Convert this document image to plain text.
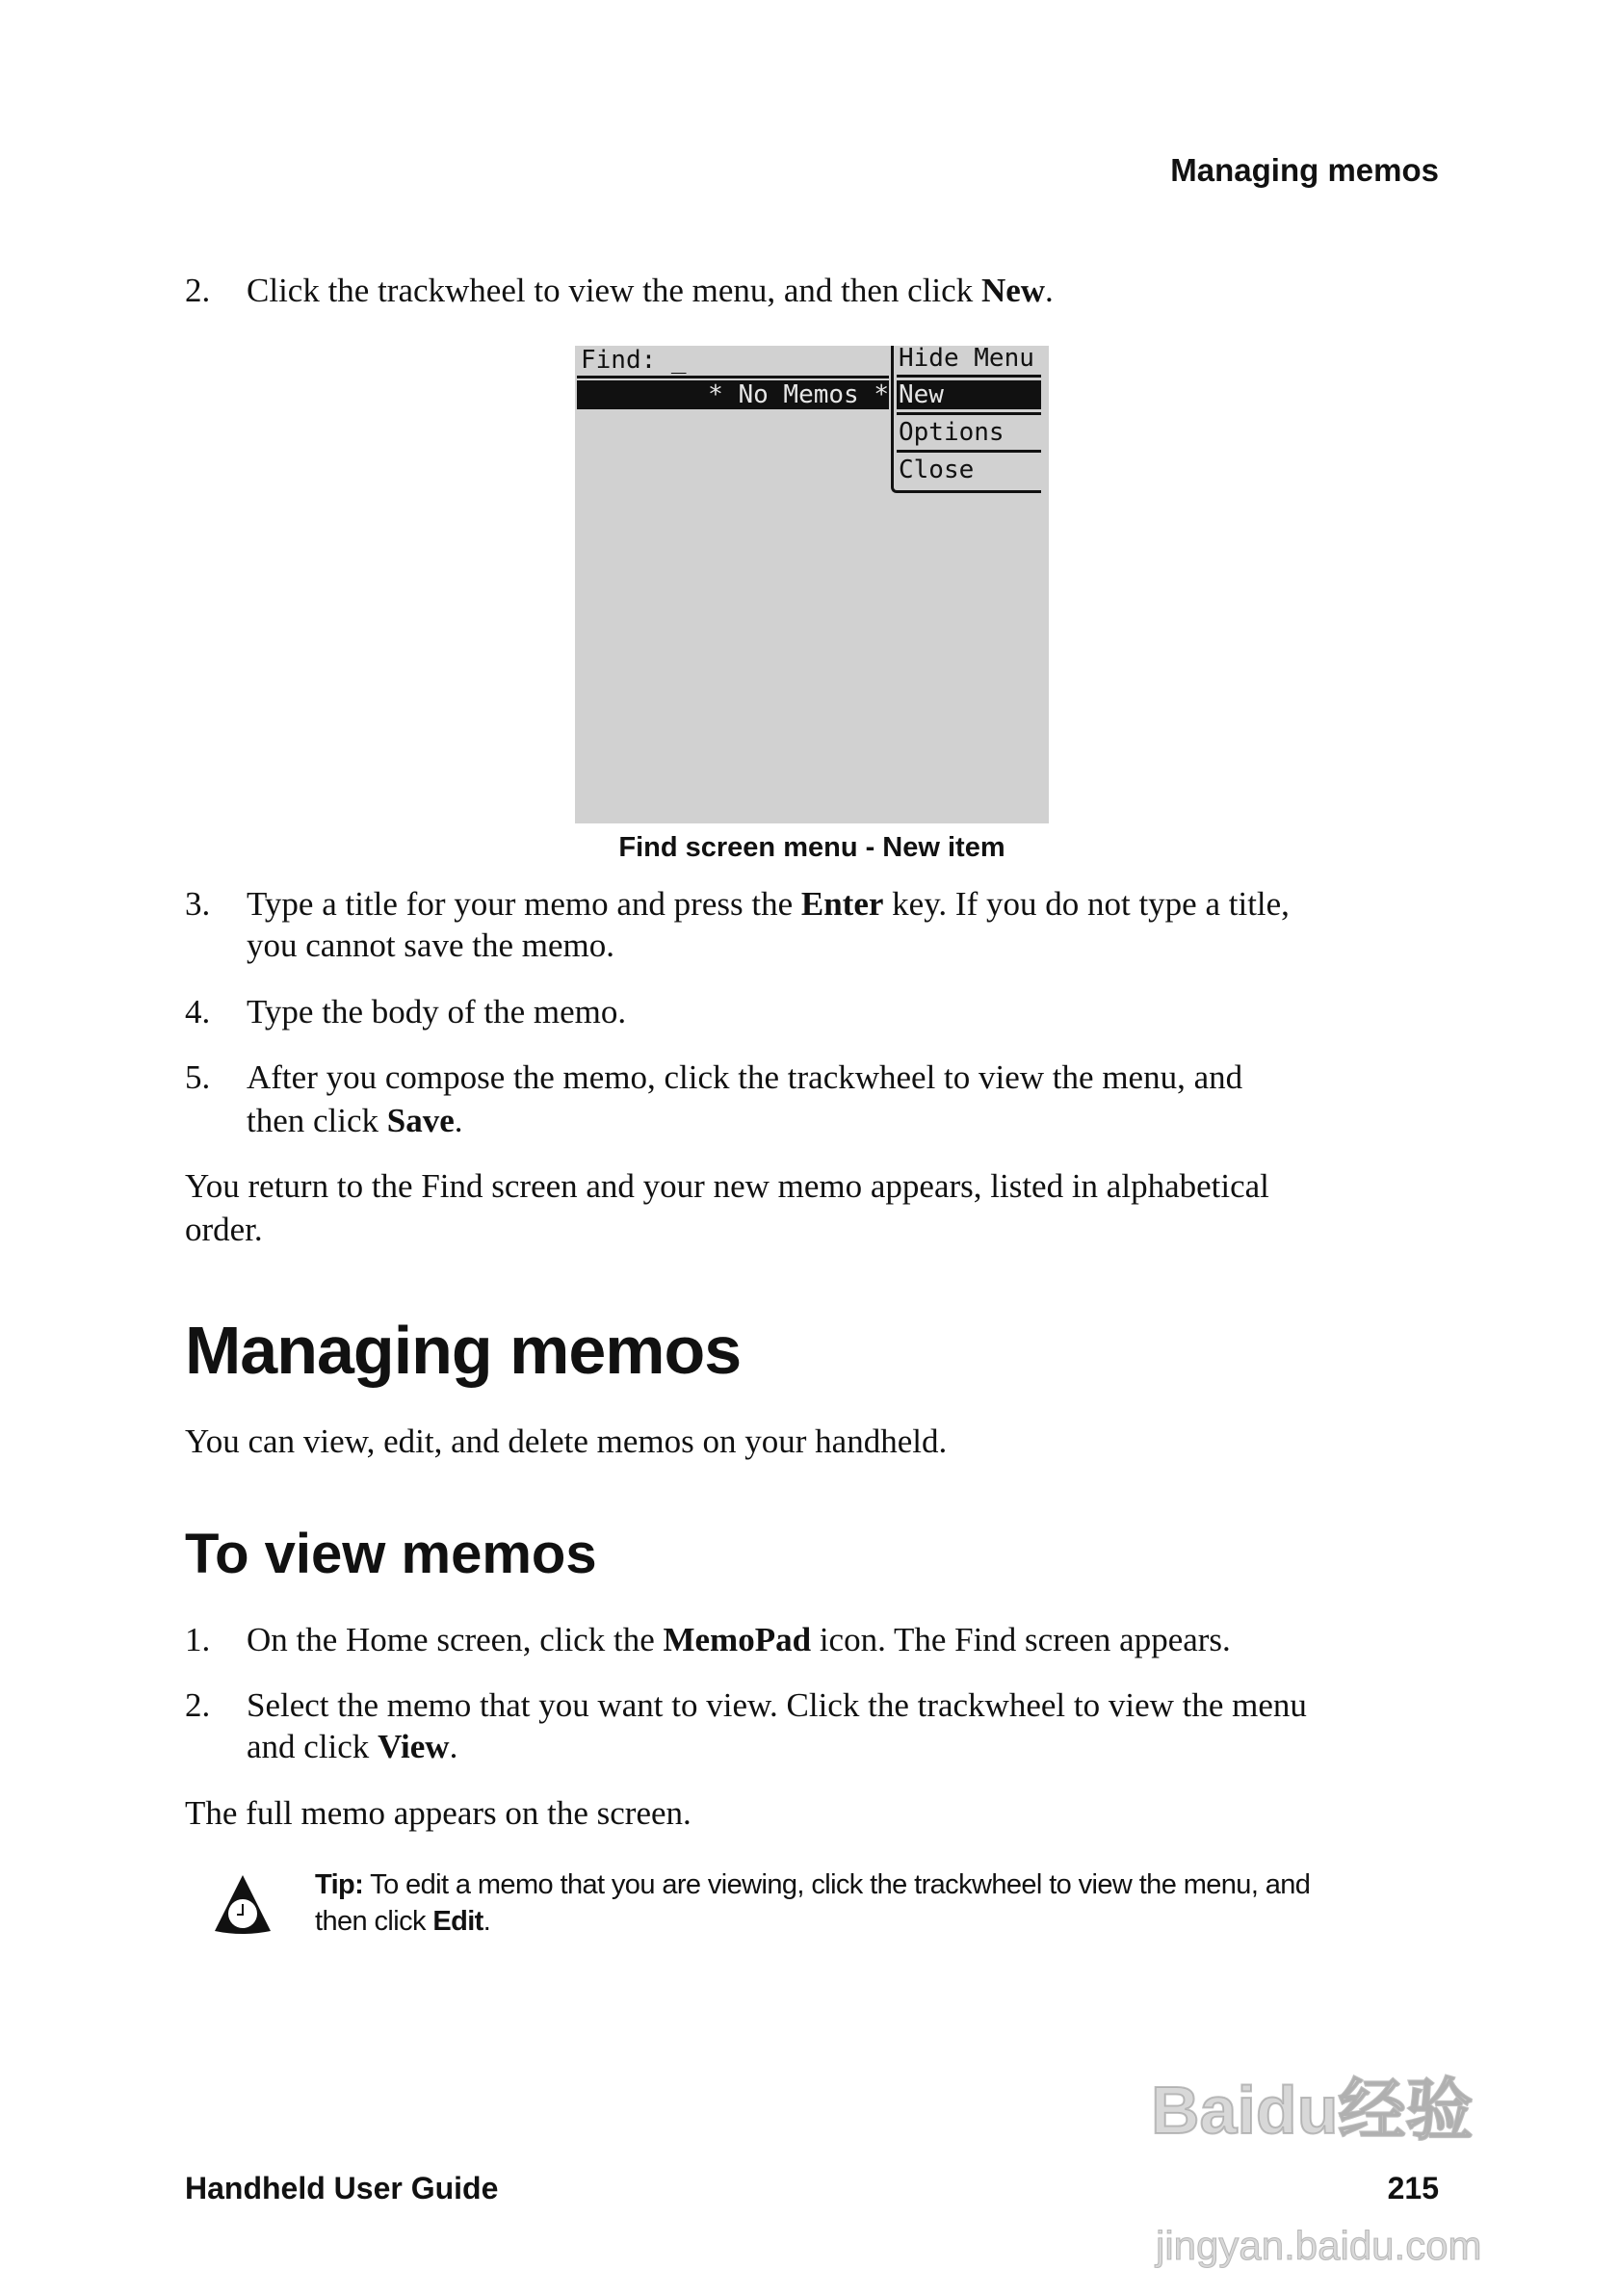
Managing memos
2. Click the trackwheel to view the menu, and then click New.
Find: _
* No Memos *
Hide Menu
New
Options
Close
Find screen menu - New item
3. Type a title for your memo and press the Enter key. If you do not type a title,
you cannot save the memo.
4. Type the body of the memo.
5. After you compose the memo, click the trackwheel to view the menu, and
then click Save.
You return to the Find screen and your new memo appears, listed in alphabetical
order.
Managing memos
You can view, edit, and delete memos on your handheld.
To view memos
1. On the Home screen, click the MemoPad icon. The Find screen appears.
2. Select the memo that you want to view. Click the trackwheel to view the menu
and click View.
The full memo appears on the screen.
Tip: To edit a memo that you are viewing, click the trackwheel to view the menu, and
then click Edit.
Handheld User Guide	215
Baidu经验
jingyan.baidu.com
